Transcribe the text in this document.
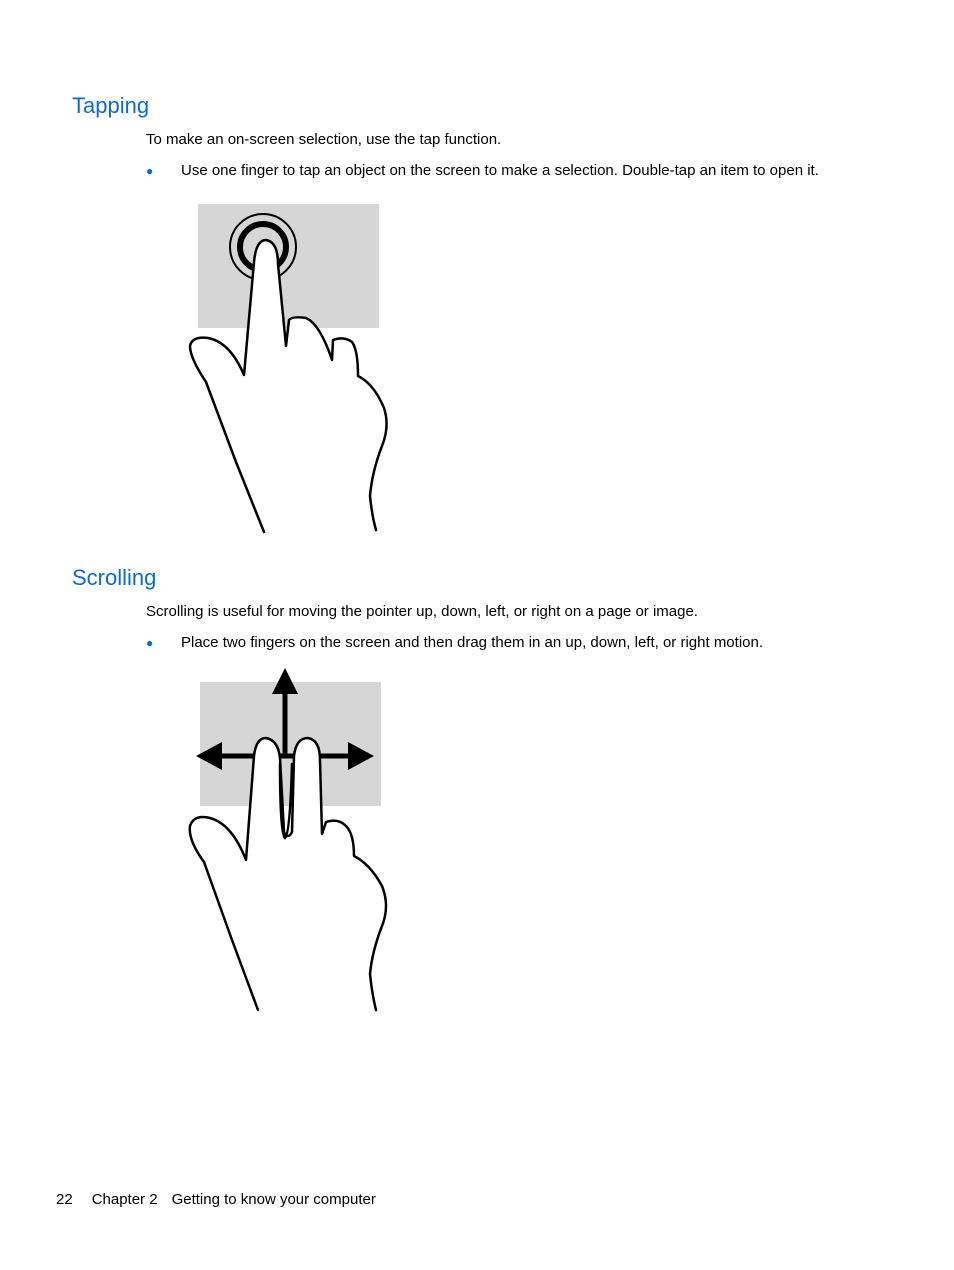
Tapping

To make an on-screen selection, use the tap function.

● Use one finger to tap an object on the screen to make a selection. Double-tap an item to open it.
Scrolling

Scrolling is useful for moving the pointer up, down, left, or right on a page or image.

● Place two fingers on the screen and then drag them in an up, down, left, or right motion.
22 Chapter 2 Getting to know your computer
